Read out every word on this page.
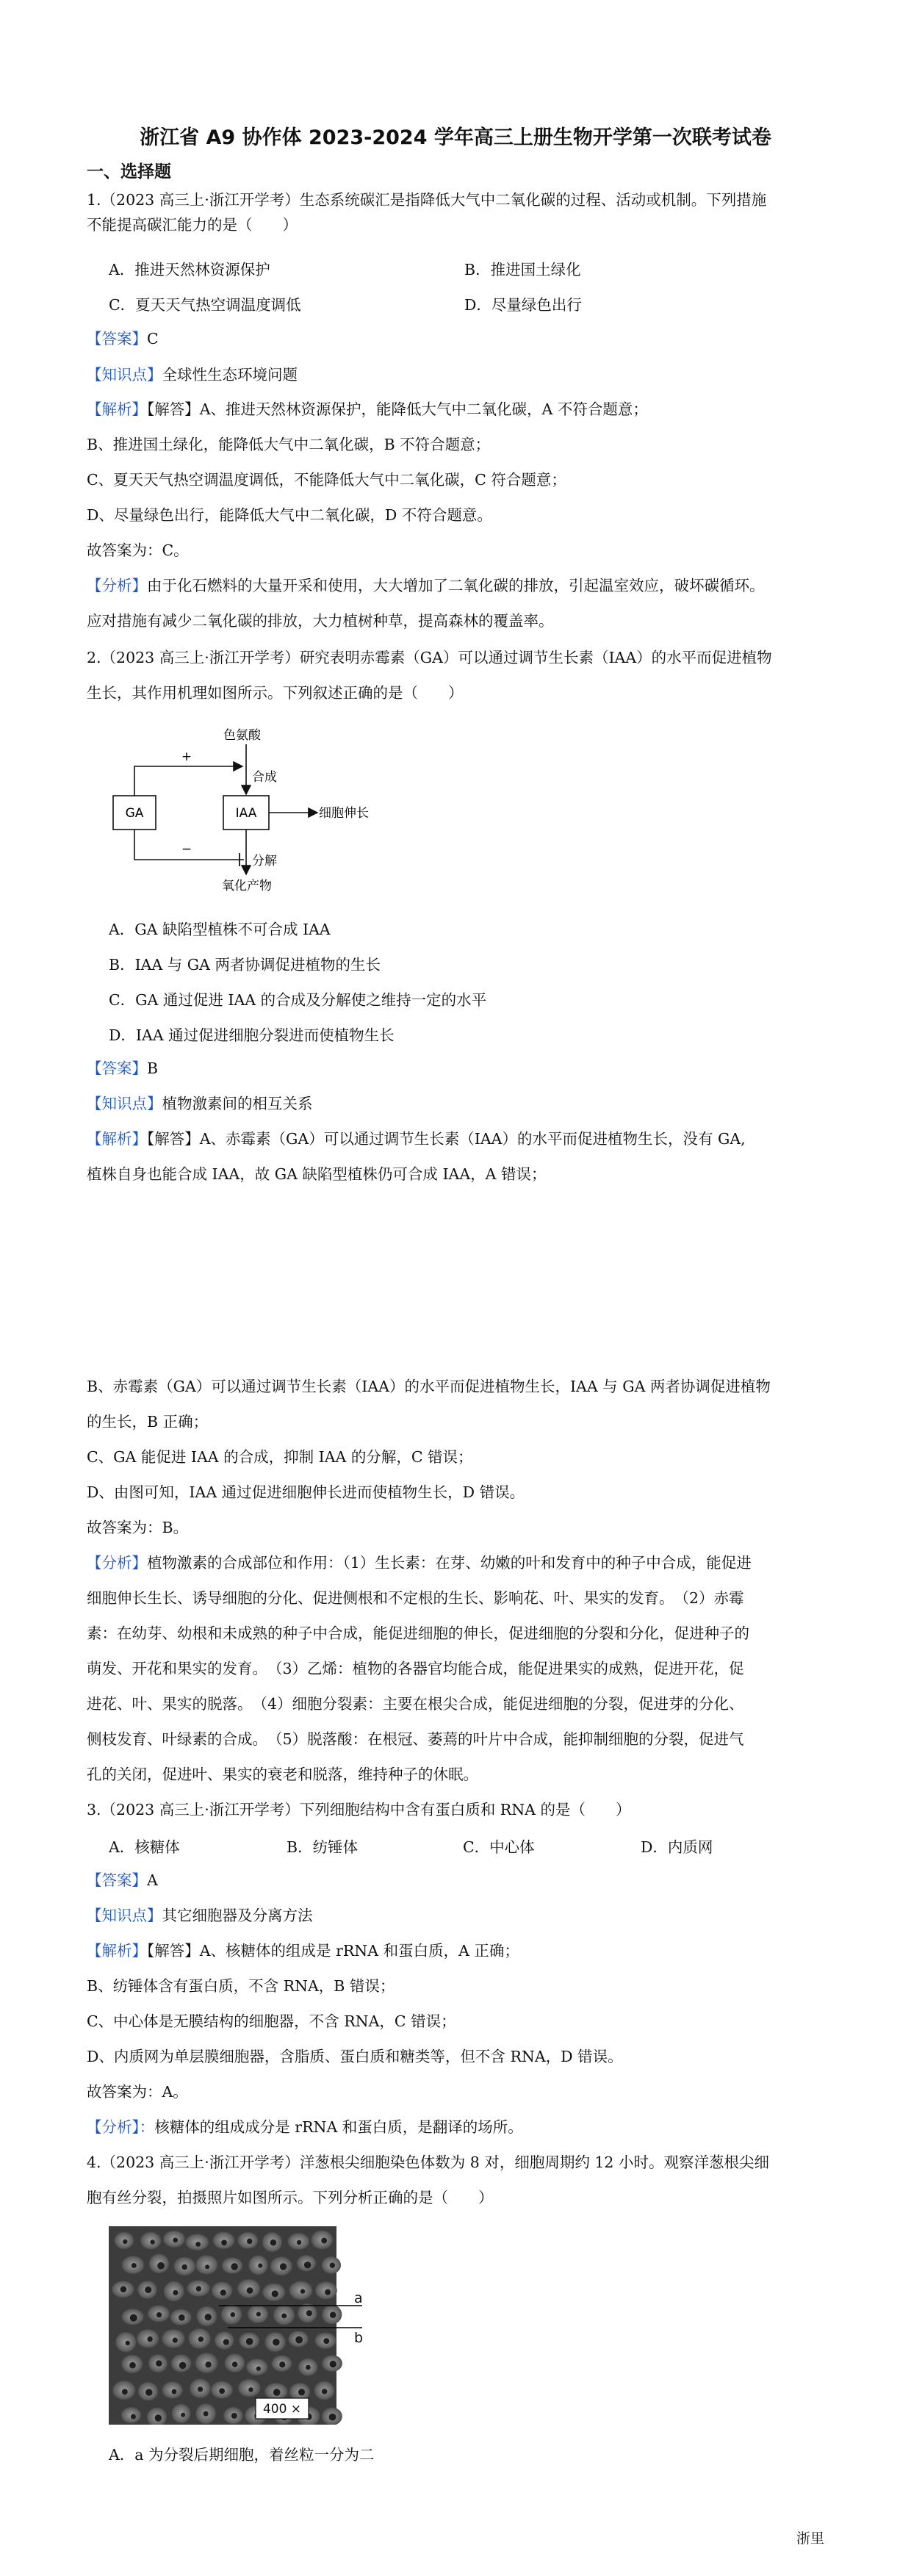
浙江省 A9 协作体 2023-2024 学年高三上册生物开学第一次联考试卷
一、选择题
1.（2023 高三上·浙江开学考）生态系统碳汇是指降低大气中二氧化碳的过程、活动或机制。下列措施
不能提高碳汇能力的是（　　）
A．推进天然林资源保护	B．推进国土绿化
C．夏天天气热空调温度调低	D．尽量绿色出行
【答案】C
【知识点】全球性生态环境问题
【解析】【解答】A、推进天然林资源保护，能降低大气中二氧化碳，A 不符合题意；
B、推进国土绿化，能降低大气中二氧化碳，B 不符合题意；
C、夏天天气热空调温度调低，不能降低大气中二氧化碳，C 符合题意；
D、尽量绿色出行，能降低大气中二氧化碳，D 不符合题意。
故答案为：C。
【分析】由于化石燃料的大量开采和使用，大大增加了二氧化碳的排放，引起温室效应，破坏碳循环。
应对措施有减少二氧化碳的排放，大力植树种草，提高森林的覆盖率。
2.（2023 高三上·浙江开学考）研究表明赤霉素（GA）可以通过调节生长素（IAA）的水平而促进植物
生长，其作用机理如图所示。下列叙述正确的是（　　）
GA	IAA
+
色氨酸
合成
细胞伸长
−
分解
氧化产物
A．GA 缺陷型植株不可合成 IAA
B．IAA 与 GA 两者协调促进植物的生长
C．GA 通过促进 IAA 的合成及分解使之维持一定的水平
D．IAA 通过促进细胞分裂进而使植物生长
【答案】B
【知识点】植物激素间的相互关系
【解析】【解答】A、赤霉素（GA）可以通过调节生长素（IAA）的水平而促进植物生长，没有 GA,
植株自身也能合成 IAA，故 GA 缺陷型植株仍可合成 IAA，A 错误；
B、赤霉素（GA）可以通过调节生长素（IAA）的水平而促进植物生长，IAA 与 GA 两者协调促进植物
的生长，B 正确；
C、GA 能促进 IAA 的合成，抑制 IAA 的分解，C 错误；
D、由图可知，IAA 通过促进细胞伸长进而使植物生长，D 错误。
故答案为：B。
【分析】植物激素的合成部位和作用：（1）生长素：在芽、幼嫩的叶和发育中的种子中合成，能促进
细胞伸长生长、诱导细胞的分化、促进侧根和不定根的生长、影响花、叶、果实的发育。　（2）赤霉
素：在幼芽、幼根和未成熟的种子中合成，能促进细胞的伸长，促进细胞的分裂和分化，促进种子的
萌发、开花和果实的发育。　（3）乙烯：植物的各器官均能合成，能促进果实的成熟，促进开花，促
进花、叶、果实的脱落。　（4）细胞分裂素：主要在根尖合成，能促进细胞的分裂，促进芽的分化、
侧枝发育、叶绿素的合成。　（5）脱落酸：在根冠、萎蔫的叶片中合成，能抑制细胞的分裂，促进气
孔的关闭，促进叶、果实的衰老和脱落，维持种子的休眠。
3.（2023 高三上·浙江开学考）下列细胞结构中含有蛋白质和 RNA 的是（　　）
A．核糖体	B．纺锤体	C．中心体	D．内质网
【答案】A
【知识点】其它细胞器及分离方法
【解析】【解答】A、核糖体的组成是 rRNA 和蛋白质，A 正确；
B、纺锤体含有蛋白质，不含 RNA，B 错误；
C、中心体是无膜结构的细胞器，不含 RNA，C 错误；
D、内质网为单层膜细胞器，含脂质、蛋白质和糖类等，但不含 RNA，D 错误。
故答案为：A。
【分析】：核糖体的组成成分是 rRNA 和蛋白质，是翻译的场所。
4.（2023 高三上·浙江开学考）洋葱根尖细胞染色体数为 8 对，细胞周期约 12 小时。观察洋葱根尖细
胞有丝分裂，拍摄照片如图所示。下列分析正确的是（　　）
a
b
400 ×
A．a 为分裂后期细胞，着丝粒一分为二
浙里
